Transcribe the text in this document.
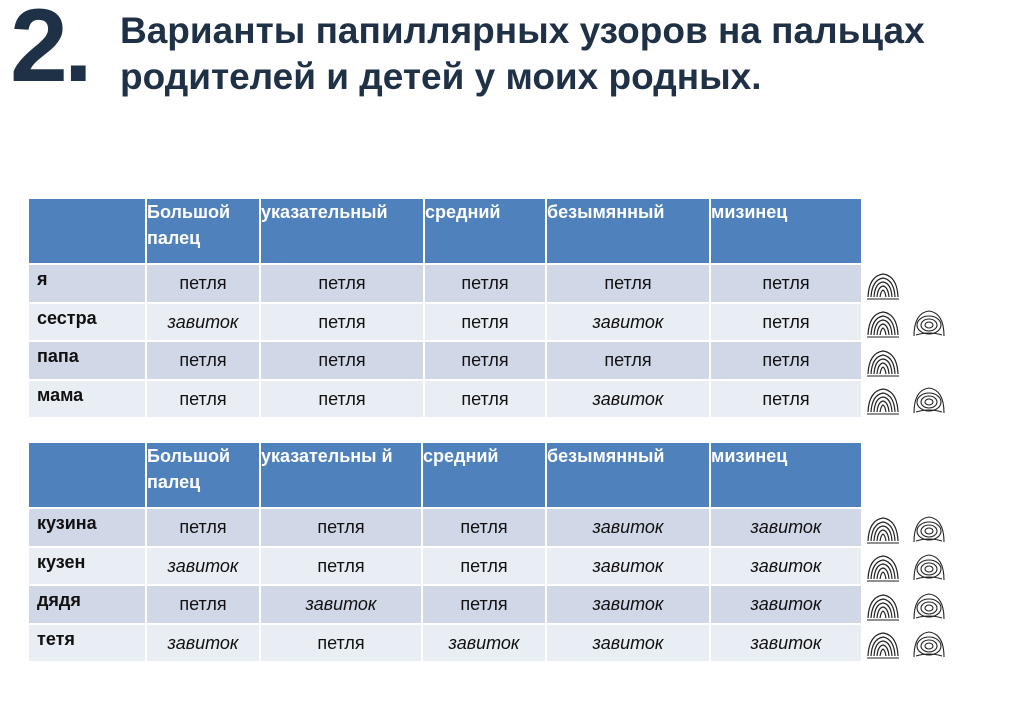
2. Варианты папиллярных узоров на пальцах родителей и детей у моих родных.
	Большой палец	указательный	средний	безымянный	мизинец
я	петля	петля	петля	петля	петля
сестра	завиток	петля	петля	завиток	петля
папа	петля	петля	петля	петля	петля
мама	петля	петля	петля	завиток	петля
	Большой палец	указательны й	средний	безымянный	мизинец
кузина	петля	петля	петля	завиток	завиток
кузен	завиток	петля	петля	завиток	завиток
дядя	петля	завиток	петля	завиток	завиток
тетя	завиток	петля	завиток	завиток	завиток
